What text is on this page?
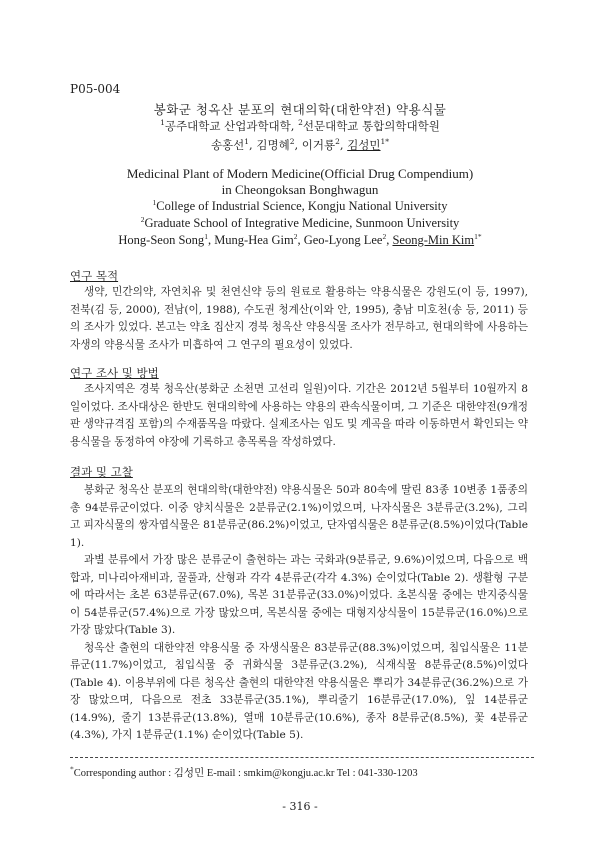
P05-004
봉화군 청옥산 분포의 현대의학(대한약전) 약용식물
$^1$공주대학교 산업과학대학, $^2$선문대학교 통합의학대학원
송홍선$^1$, 김명혜$^2$, 이거룡$^2$, 김성민$^{1*}$
Medicinal Plant of Modern Medicine(Official Drug Compendium)
in Cheongoksan Bonghwagun
$^1$College of Industrial Science, Kongju National University
$^2$Graduate School of Integrative Medicine, Sunmoon University
Hong-Seon Song$^1$, Mung-Hea Gim$^2$, Geo-Lyong Lee$^2$, Seong-Min Kim$^{1*}$
연구 목적

생약, 민간의약, 자연치유 및 천연신약 등의 원료로 활용하는 약용식물은 강원도(이 등, 1997), 전북(김 등, 2000), 전남(이, 1988), 수도권 청계산(이와 안, 1995), 충남 미호천(송 등, 2011) 등의 조사가 있었다. 본고는 약초 집산지 경북 청옥산 약용식물 조사가 전무하고, 현대의학에 사용하는 자생의 약용식물 조사가 미흡하여 그 연구의 필요성이 있었다.

연구 조사 및 방법

조사지역은 경북 청옥산(봉화군 소천면 고선리 일원)이다. 기간은 2012년 5월부터 10월까지 8일이었다. 조사대상은 한반도 현대의학에 사용하는 약용의 관속식물이며, 그 기준은 대한약전(9개정판 생약규격집 포함)의 수재품목을 따랐다. 실제조사는 임도 및 계곡을 따라 이동하면서 확인되는 약용식물을 동정하여 야장에 기록하고 총목록을 작성하였다.

결과 및 고찰

봉화군 청옥산 분포의 현대의학(대한약전) 약용식물은 50과 80속에 딸린 83종 10변종 1품종의 총 94분류군이었다. 이중 양치식물은 2분류군(2.1%)이었으며, 나자식물은 3분류군(3.2%), 그리고 피자식물의 쌍자엽식물은 81분류군(86.2%)이었고, 단자엽식물은 8분류군(8.5%)이었다(Table 1).

과별 분류에서 가장 많은 분류군이 출현하는 과는 국화과(9분류군, 9.6%)이었으며, 다음으로 백합과, 미나리아재비과, 꿀풀과, 산형과 각각 4분류군(각각 4.3%) 순이었다(Table 2). 생활형 구분에 따라서는 초본 63분류군(67.0%), 목본 31분류군(33.0%)이었다. 초본식물 중에는 반지중식물이 54분류군(57.4%)으로 가장 많았으며, 목본식물 중에는 대형지상식물이 15분류군(16.0%)으로 가장 많았다(Table 3).

청옥산 출현의 대한약전 약용식물 중 자생식물은 83분류군(88.3%)이었으며, 침입식물은 11분류군(11.7%)이었고, 침입식물 중 귀화식물 3분류군(3.2%), 식재식물 8분류군(8.5%)이었다(Table 4). 이용부위에 다른 청옥산 출현의 대한약전 약용식물은 뿌리가 34분류군(36.2%)으로 가장 많았으며, 다음으로 전초 33분류군(35.1%), 뿌리줄기 16분류군(17.0%), 잎 14분류군(14.9%), 줄기 13분류군(13.8%), 열매 10분류군(10.6%), 종자 8분류군(8.5%), 꽃 4분류군(4.3%), 가지 1분류군(1.1%) 순이었다(Table 5).

*Corresponding author : 김성민 E-mail : smkim@kongju.ac.kr Tel : 041-330-1203
- 316 -
